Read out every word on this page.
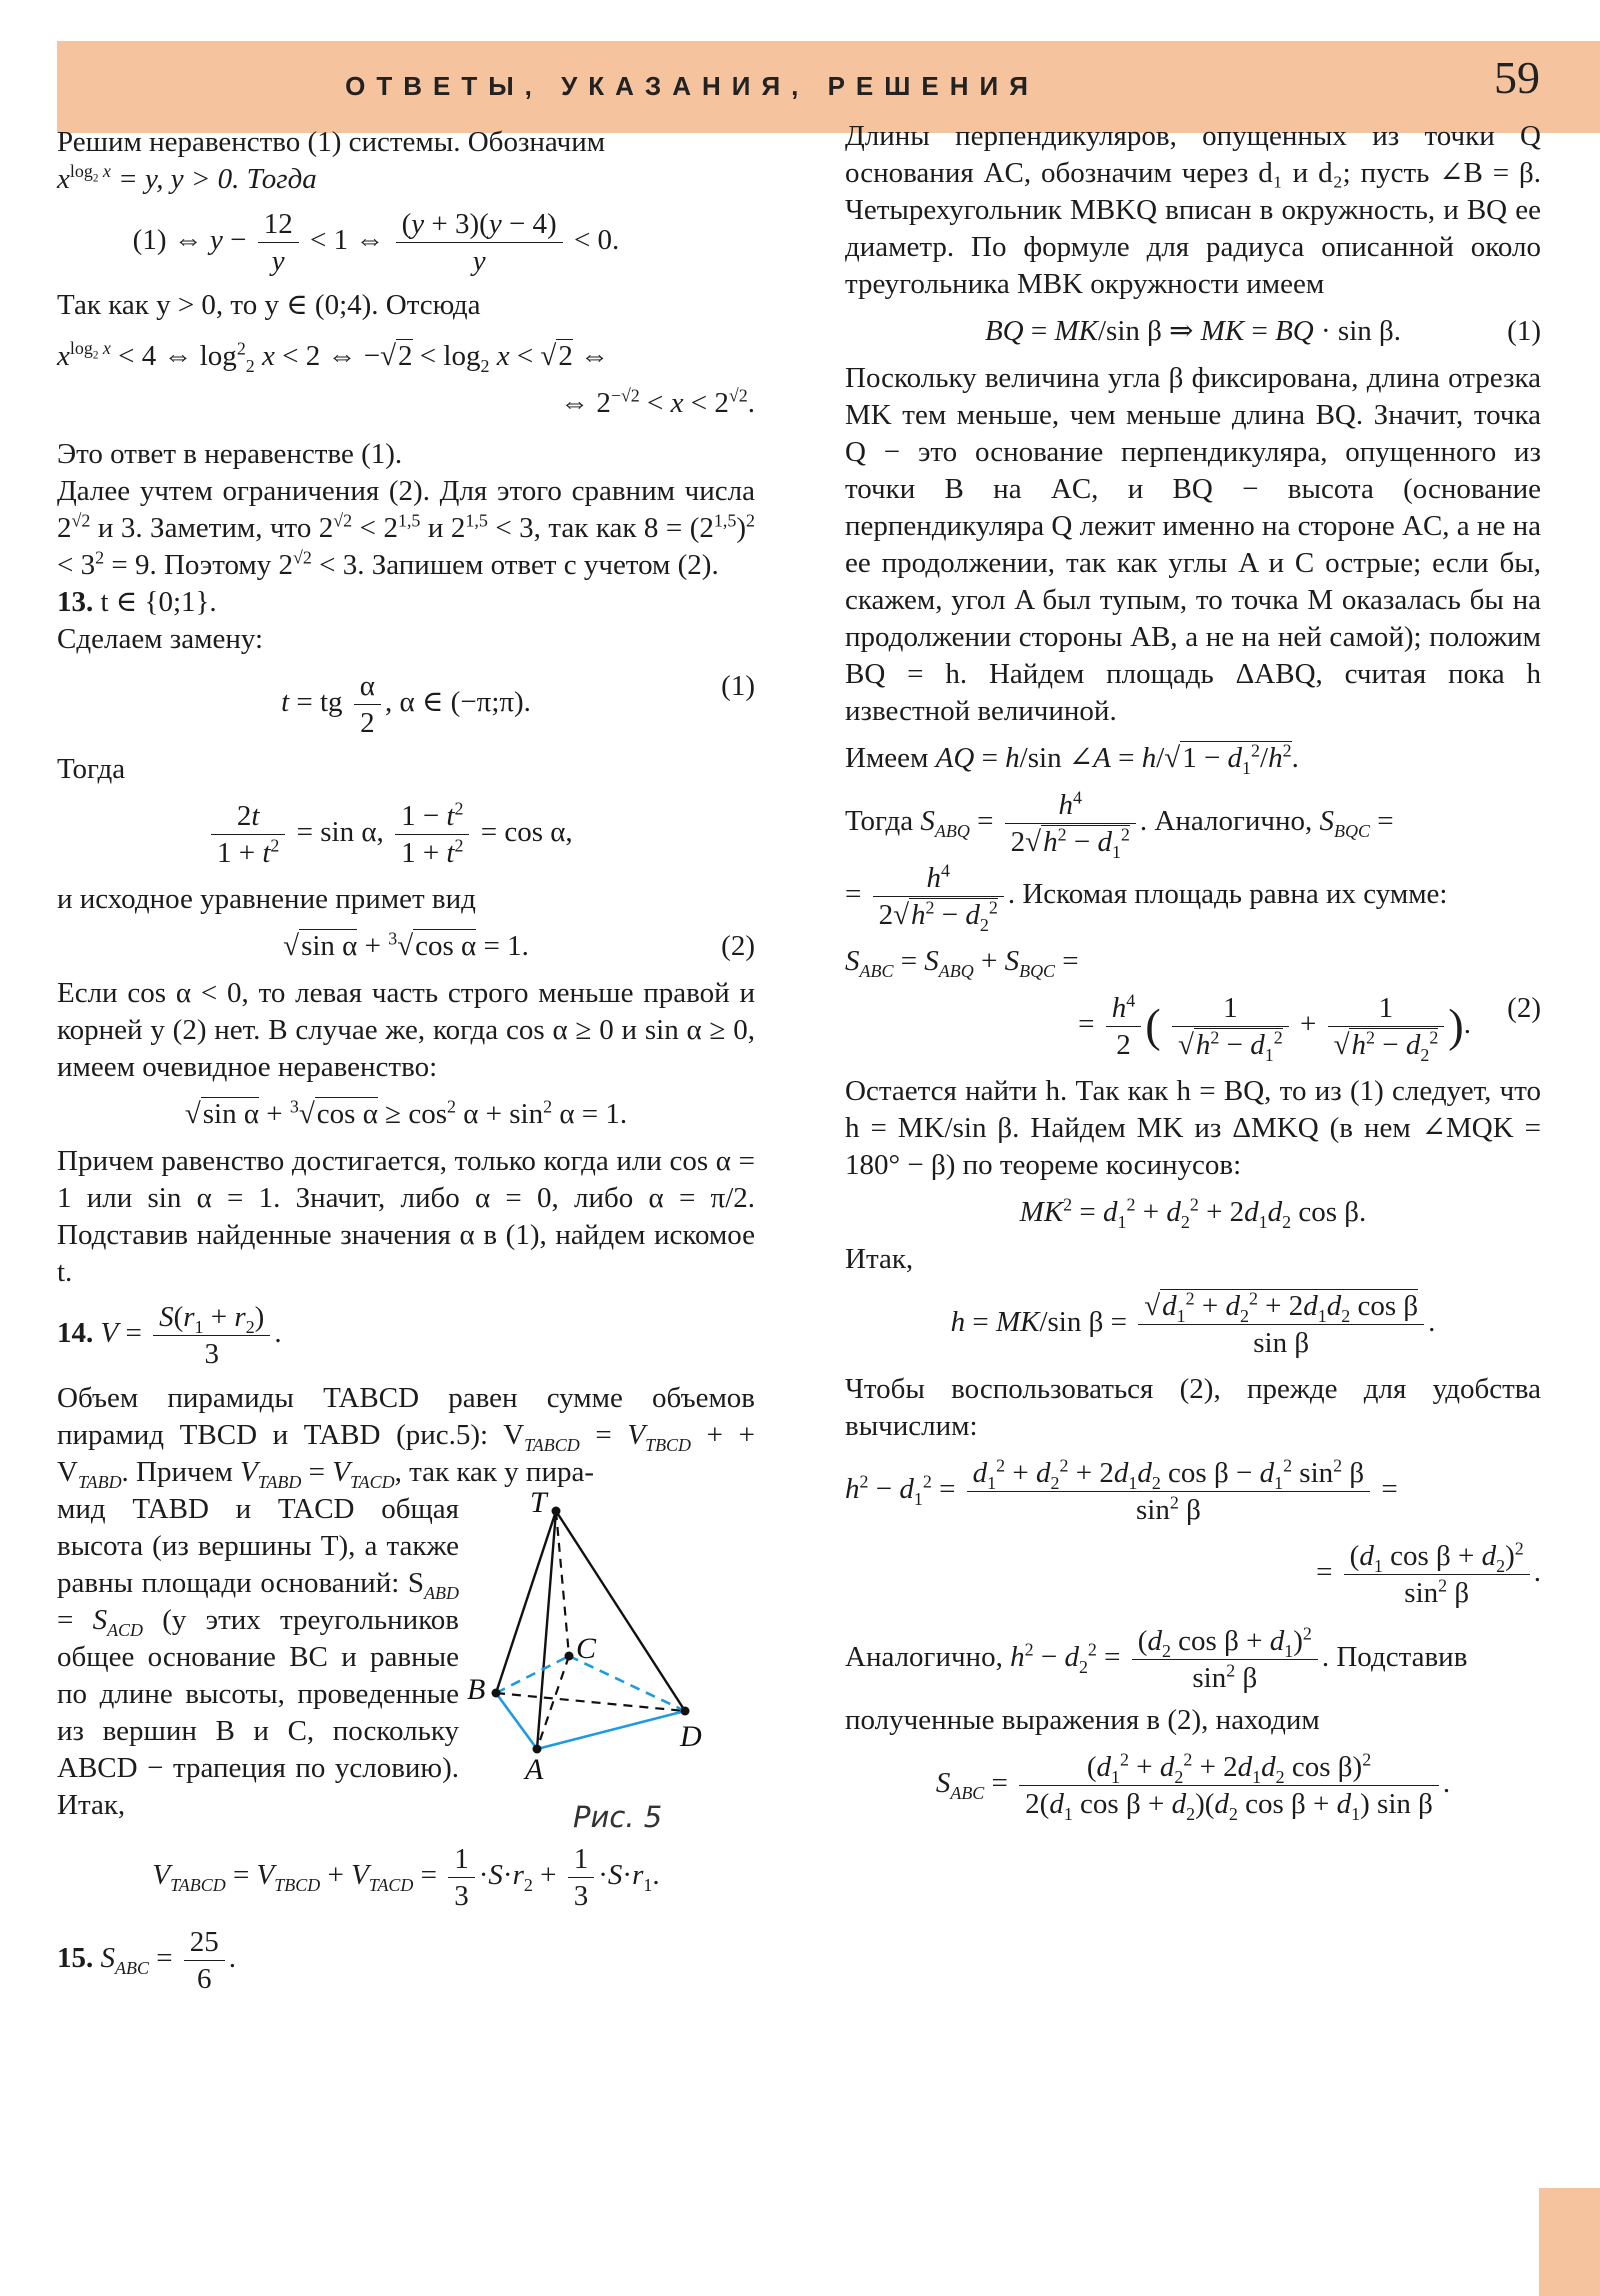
ОТВЕТЫ, УКАЗАНИЯ, РЕШЕНИЯ	59

Решим неравенство (1) системы. Обозначим
$x^{log_2 x} = y$, y > 0. Тогда

(1) ⇔ $y - \frac{12}{y} < 1$ ⇔ $\frac{(y + 3)(y - 4)}{y} < 0$.

Так как y > 0, то y ∈ (0;4). Отсюда

$x^{log_2 x} < 4$ ⇔ $\log^2_2 x < 2$ ⇔ $-√2 < \log_2 x < √2$ ⇔
⇔ $2^{-√2} < x < 2^{√2}$.

Это ответ в неравенстве (1).

Далее учтем ограничения (2). Для этого сравним числа $2^{√2}$ и 3. Заметим, что $2^{√2} < 2^{1,5}$ и $2^{1,5} < 3$, так как $8 = (2^{1,5})^2 < 3^2 = 9$. Поэтому $2^{√2} < 3$. Запишем ответ с учетом (2).

13. t ∈ {0;1}.

Сделаем замену:

t = tg $\frac{\alpha}{2}$ , α ∈ (−π;π).
(1)

Тогда

$\frac{2t}{1 + t^2} = \sin \alpha$, $\frac{1 - t^2}{1 + t^2} = \cos \alpha$,

и исходное уравнение примет вид

√sin α + $^3$√cos α = 1.	(2)

Если cos α < 0, то левая часть строго меньше правой и корней у (2) нет. В случае же, когда cos α ≥ 0 и sin α ≥ 0, имеем очевидное неравенство:

√sin α + $^3$√cos $\alpha \ge \cos^2 \alpha + \sin^2 \alpha = 1$.

Причем равенство достигается, только когда или cos α = 1 или sin α = 1. Значит, либо α = 0, либо α = π/2. Подставив найденные значения α в (1), найдем искомое t.

14. $V = \frac{S(r_1 + r_2)}{3}$ .

Объем пирамиды TABCD равен сумме объемов пирамид TBCD и TABD (рис.5): $V_{TABCD} = V_{TBCD}$ + + $V_{TABD}$. Причем $V_{TABD} = V_{TACD}$, так как у пира-

мид TABD и TACD общая высота (из вершины T), а также равны площади оснований: $S_{ABD} = S_{ACD}$ (у этих треугольников общее основание BC и равные по длине высоты, проведенные из вершин B и C, поскольку ABCD − трапеция по условию). Итак,

T
C
B
D
A
Рис. 5
$V_{TABCD} = V_{TBCD} + V_{TACD} = \frac{1}{3} \cdot S\cdot r_2 + \frac{1}{3} \cdot S\cdot r_1$.

15. $S_{ABC} = \frac{25}{6}$ .

Длины перпендикуляров, опущенных из точки Q основания AC, обозначим через d₁ и d₂; пусть ∠B = β. Четырехугольник MBKQ вписан в окружность, и BQ ее диаметр. По формуле для радиуса описанной около треугольника MBK окружности имеем

BQ = MK/sin β ⇒ MK = BQ · sin β.	(1)

Поскольку величина угла β фиксирована, длина отрезка MK тем меньше, чем меньше длина BQ. Значит, точка Q − это основание перпендикуляра, опущенного из точки B на AC, и BQ − высота (основание перпендикуляра Q лежит именно на стороне AC, а не на ее продолжении, так как углы A и C острые; если бы, скажем, угол A был тупым, то точка M оказалась бы на продолжении стороны AB, а не на ней самой); положим BQ = h. Найдем площадь ΔABQ, считая пока h известной величиной.

Имеем AQ = h/sin ∠A = $h/√1 - d_1^2/h^2$.

Тогда $S_{ABQ} = \frac{h^4}{2√h^2 - d_1^2}$ . Аналогично, $S_{BQC}$ =

= $\frac{h^4}{2√h^2 - d_2^2}$ . Искомая площадь равна их сумме:

$S_{ABC} = S_{ABQ} + S_{BQC}$ =
= $\frac{h^4}{2}$ ( $\frac{1}{√h^2 - d_1^2} + \frac{1}{√h^2 - d_2^2}$ ).
(2)

Остается найти h. Так как h = BQ, то из (1) следует, что h = MK/sin β. Найдем MK из ΔMKQ (в нем ∠MQK = 180° − β) по теореме косинусов:

$MK^2 = d_1^2 + d_2^2 + 2d_1d_2$ cos β.

Итак,

h = MK/sin $\beta = \frac{√d_1^2 + d_2^2 + 2d_1d_2 \cos \beta}{\text{sin β}}$ .

Чтобы воспользоваться (2), прежде для удобства вычислим:

$h^2 - d_1^2 = \frac{d_1^2 + d_2^2 + 2d_1d_2 \cos \beta - d_1^2 \sin^2 \beta}{\sin^2 \beta}$ =
= $\frac{(d_1 \cos \beta + d_2)^2}{\sin^2 \beta}$ .

Аналогично, $h^2 - d_2^2 = \frac{(d_2 \cos \beta + d_1)^2}{\sin^2 \beta}$ . Подставив

полученные выражения в (2), находим

$S_{ABC} = \frac{(d_1^2 + d_2^2 + 2d_1d_2 \cos \beta)^2}{2(d_1 \cos \beta + d_2)(d_2 \cos \beta + d_1) \sin \beta}$ .
